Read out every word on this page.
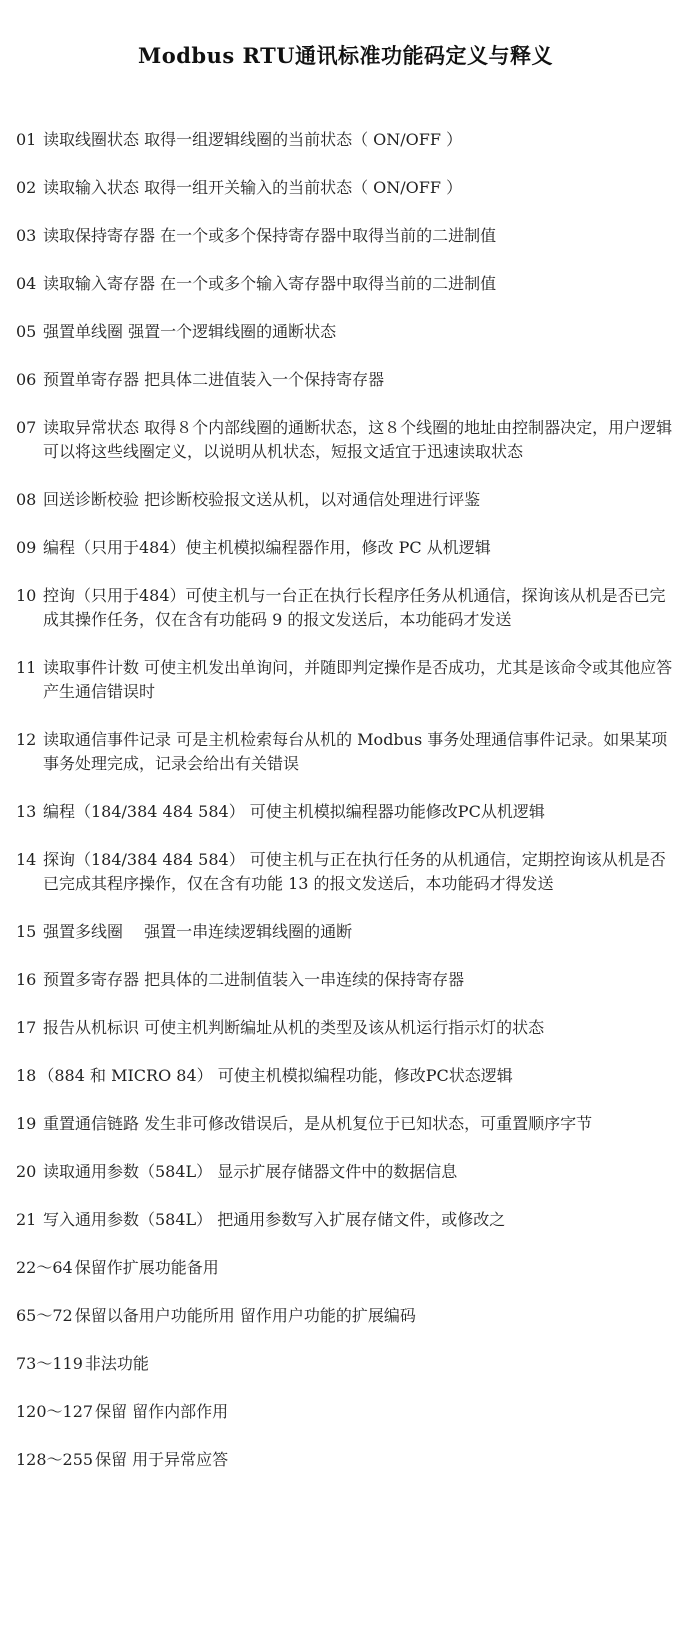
Modbus RTU通讯标准功能码定义与释义
01 读取线圈状态 取得一组逻辑线圈的当前状态（ ON/OFF ）
02 读取输入状态 取得一组开关输入的当前状态（ ON/OFF ）
03 读取保持寄存器 在一个或多个保持寄存器中取得当前的二进制值
04 读取输入寄存器 在一个或多个输入寄存器中取得当前的二进制值
05 强置单线圈 强置一个逻辑线圈的通断状态
06 预置单寄存器 把具体二进值装入一个保持寄存器
07 读取异常状态 取得８个内部线圈的通断状态，这８个线圈的地址由控制器决定，用户逻辑可以将这些线圈定义，以说明从机状态，短报文适宜于迅速读取状态
08 回送诊断校验 把诊断校验报文送从机，以对通信处理进行评鉴
09 编程（只用于484）使主机模拟编程器作用，修改 PC 从机逻辑
10 控询（只用于484）可使主机与一台正在执行长程序任务从机通信，探询该从机是否已完成其操作任务，仅在含有功能码 9 的报文发送后，本功能码才发送
11 读取事件计数 可使主机发出单询问，并随即判定操作是否成功，尤其是该命令或其他应答产生通信错误时
12 读取通信事件记录 可是主机检索每台从机的 Modbus 事务处理通信事件记录。如果某项事务处理完成，记录会给出有关错误
13 编程（184/384 484 584） 可使主机模拟编程器功能修改PC从机逻辑
14 探询（184/384 484 584） 可使主机与正在执行任务的从机通信，定期控询该从机是否已完成其程序操作，仅在含有功能 13 的报文发送后，本功能码才得发送
15 强置多线圈　 强置一串连续逻辑线圈的通断
16 预置多寄存器 把具体的二进制值装入一串连续的保持寄存器
17 报告从机标识 可使主机判断编址从机的类型及该从机运行指示灯的状态
18 （884 和 MICRO 84） 可使主机模拟编程功能，修改PC状态逻辑
19 重置通信链路 发生非可修改错误后，是从机复位于已知状态，可重置顺序字节
20 读取通用参数（584L） 显示扩展存储器文件中的数据信息
21 写入通用参数（584L） 把通用参数写入扩展存储文件，或修改之
22～64 保留作扩展功能备用
65～72 保留以备用户功能所用 留作用户功能的扩展编码
73～119 非法功能
120～127 保留 留作内部作用
128～255 保留 用于异常应答
